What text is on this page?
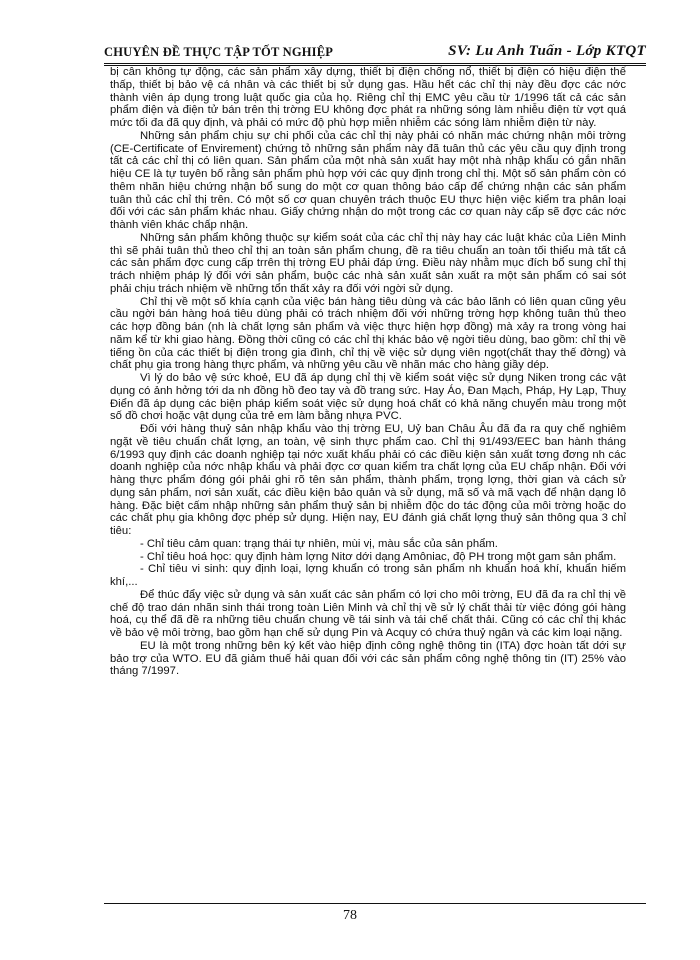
CHUYÊN ĐỀ THỰC TẬP TỐT NGHIỆP	SV: Lu Anh Tuấn - Lớp KTQT

bị cân không tự động, các sản phẩm xây dựng, thiết bị điện chống nổ, thiết bị điện có hiệu điện thế thấp, thiết bị bảo vệ cá nhân và các thiết bị sử dụng gas. Hầu hết các chỉ thị này đều đợc các nớc thành viên áp dụng trong luật quốc gia của họ. Riêng chỉ thị EMC yêu cầu từ 1/1996 tất cả các sản phẩm điện và điện tử bán trên thị trờng EU không đợc phát ra những sóng làm nhiễu điện từ vợt quá mức tối đa đã quy định, và phải có mức độ phù hợp miễn nhiễm các sóng làm nhiễm điện từ này.

Những sản phẩm chịu sự chi phối của các chỉ thị này phải có nhãn mác chứng nhận môi trờng (CE-Certificate of Envirement) chứng tỏ những sản phẩm này đã tuân thủ các yêu cầu quy định trong tất cả các chỉ thị có liên quan. Sản phẩm của một nhà sản xuất hay một nhà nhập khẩu có gắn nhãn hiệu CE là tự tuyên bố rằng sản phẩm phù hợp với các quy định trong chỉ thị. Một số sản phẩm còn có thêm nhãn hiệu chứng nhận bổ sung do một cơ quan thông báo cấp để chứng nhận các sản phẩm tuân thủ các chỉ thị trên. Có một số cơ quan chuyên trách thuộc EU thực hiện việc kiểm tra phân loại đối với các sản phẩm khác nhau. Giấy chứng nhận do một trong các cơ quan này cấp sẽ đợc các nớc thành viên khác chấp nhận.

Những sản phẩm không thuộc sự kiểm soát của các chỉ thị này hay các luật khác của Liên Minh thì sẽ phải tuân thủ theo chỉ thị an toàn sản phẩm chung, đề ra tiêu chuẩn an toàn tối thiểu mà tất cả các sản phẩm đợc cung cấp trrên thị trờng EU phải đáp ứng. Điều này nhằm mục đích bổ sung chỉ thị trách nhiệm pháp lý đối với sản phẩm, buộc các nhà sản xuất sản xuất ra một sản phẩm có sai sót phải chịu trách nhiệm về những tổn thất xảy ra đối với ngời sử dụng.

Chỉ thị về một số khía cạnh của việc bán hàng tiêu dùng và các bảo lãnh có liên quan cũng yêu cầu ngời bán hàng hoá tiêu dùng phải có trách nhiệm đối với những trờng hợp không tuân thủ theo các hợp đồng bán (nh là chất lợng sản phẩm và việc thực hiện hợp đồng) mà xảy ra trong vòng hai năm kể từ khi giao hàng. Đồng thời cũng có các chỉ thị khác bảo vệ ngời tiêu dùng, bao gồm: chỉ thị về tiếng ồn của các thiết bị điện trong gia đình, chỉ thị về việc sử dụng viên ngọt(chất thay thế đờng) và chất phụ gia trong hàng thực phẩm, và những yêu cầu về nhãn mác cho hàng giầy dép.

Vì lý do bảo vệ sức khoẻ, EU đã áp dụng chỉ thị về kiểm soát việc sử dụng Niken trong các vật dụng có ảnh hởng tới da nh đồng hồ đeo tay và đồ trang sức. Hay Áo, Đan Mạch, Pháp, Hy Lạp, Thuỵ Điển đã áp dụng các biện pháp kiểm soát việc sử dụng hoá chất có khả năng chuyển màu trong một số đồ chơi hoặc vật dụng của trẻ em làm bằng nhựa PVC.

Đối với hàng thuỷ sản nhập khẩu vào thị trờng EU, Uỷ ban Châu Âu đã đa ra quy chế nghiêm ngặt về tiêu chuẩn chất lợng, an toàn, vệ sinh thực phẩm cao. Chỉ thị 91/493/EEC ban hành tháng 6/1993 quy định các doanh nghiệp tại nớc xuất khẩu phải có các điều kiện sản xuất tơng đơng nh các doanh nghiệp của nớc nhập khẩu và phải đợc cơ quan kiểm tra chất lợng của EU chấp nhận. Đối với hàng thực phẩm đóng gói phải ghi rõ tên sản phẩm, thành phẩm, trọng lợng, thời gian và cách sử dụng sản phẩm, nơi sản xuất, các điều kiện bảo quản và sử dụng, mã số và mã vạch để nhận dạng lô hàng. Đặc biệt cấm nhập những sản phẩm thuỷ sản bị nhiễm độc do tác động của môi trờng hoặc do các chất phụ gia không đợc phép sử dụng. Hiện nay, EU đánh giá chất lợng thuỷ sản thông qua 3 chỉ tiêu:

- Chỉ tiêu cảm quan: trạng thái tự nhiên, mùi vị, màu sắc của sản phẩm.

- Chỉ tiêu hoá học: quy định hàm lợng Nitơ dới dạng Amôniac, độ PH trong một gam sản phẩm.

- Chỉ tiêu vi sinh: quy định loại, lợng khuẩn có trong sản phẩm nh khuẩn hoá khí, khuẩn hiếm khí,...

Để thúc đẩy việc sử dụng và sản xuất các sản phẩm có lợi cho môi trờng, EU đã đa ra chỉ thị về chế độ trao dán nhãn sinh thái trong toàn Liên Minh và chỉ thị về sử lý chất thải từ việc đóng gói hàng hoá, cụ thể đã đề ra những tiêu chuẩn chung về tái sinh và tái chế chất thải. Cũng có các chỉ thị khác về bảo vệ môi trờng, bao gồm hạn chế sử dụng Pin và Acquy có chứa thuỷ ngân và các kim loại nặng.

EU là một trong những bên ký kết vào hiệp định công nghệ thông tin (ITA) đợc hoàn tất dới sự bảo trợ của WTO. EU đã giảm thuế hải quan đối với các sản phẩm công nghệ thông tin (IT) 25% vào tháng 7/1997.

78
